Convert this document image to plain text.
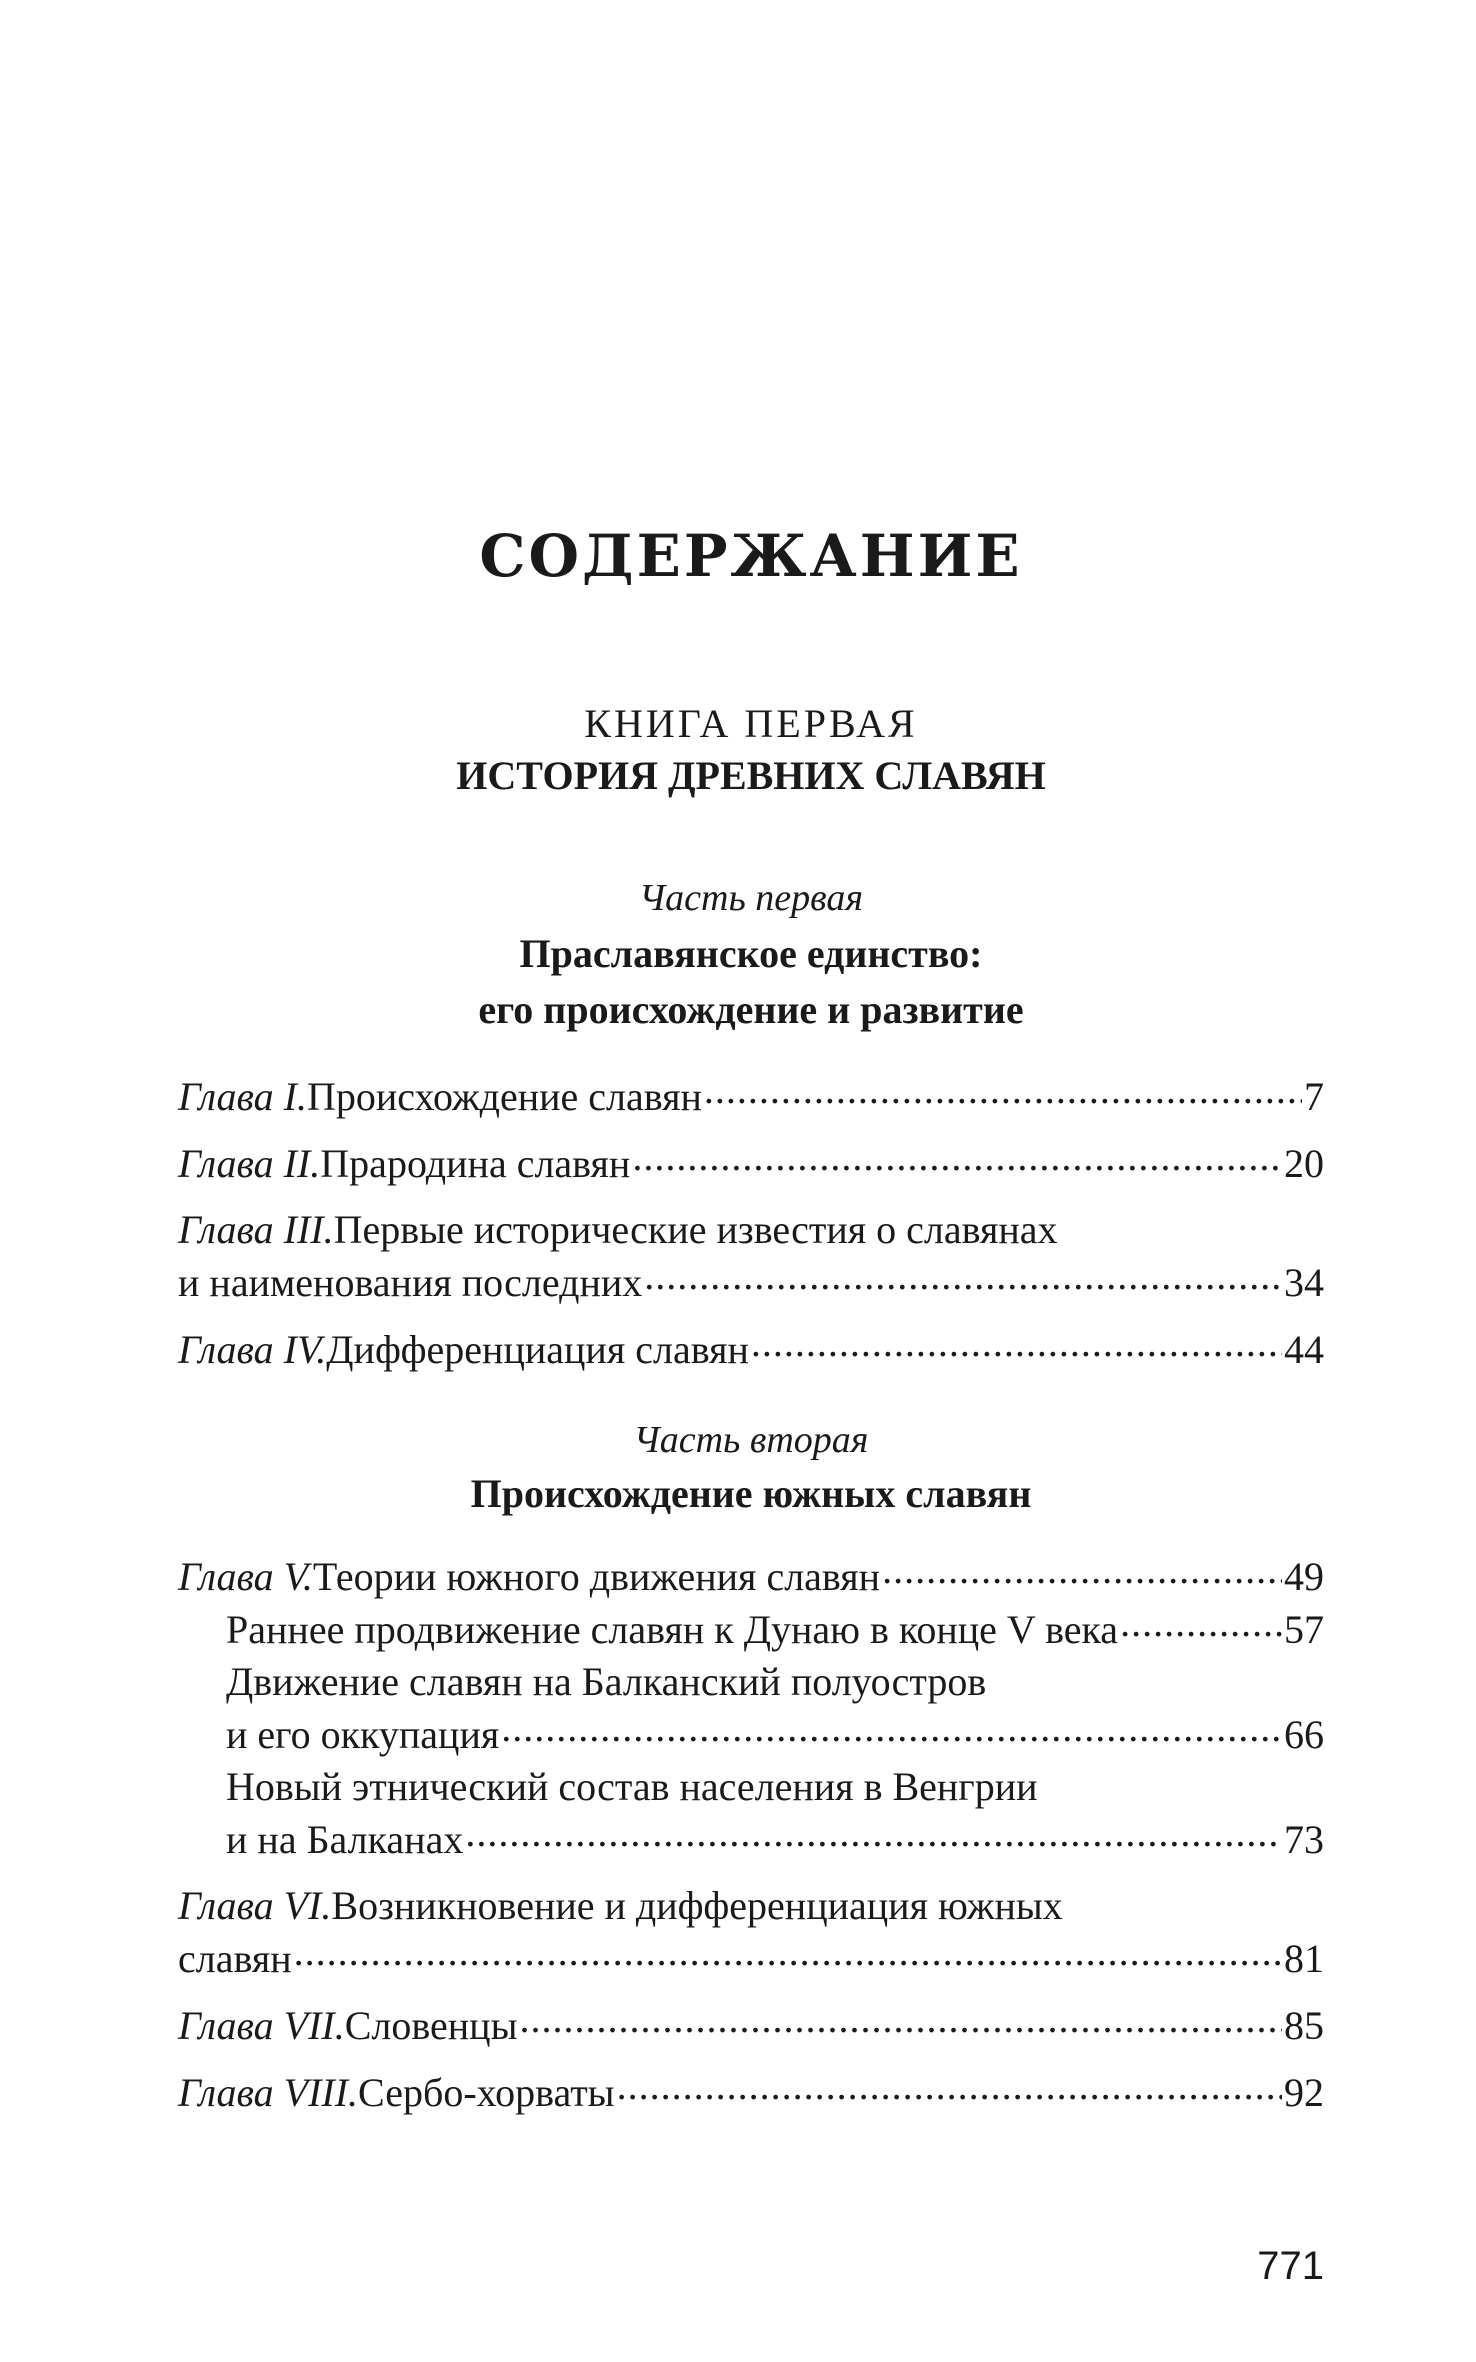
СОДЕРЖАНИЕ
КНИГА ПЕРВАЯ
ИСТОРИЯ ДРЕВНИХ СЛАВЯН
Часть первая
Праславянское единство:
его происхождение и развитие
Глава I. Происхождение славян .....	7
Глава II. Прародина славян .....	20
Глава III. Первые исторические известия о славянах
и наименования последних .....	34
Глава IV. Дифференциация славян .....	44
Часть вторая
Происхождение южных славян
Глава V. Теории южного движения славян .....	49
Раннее продвижение славян к Дунаю в конце V века .....	57
Движение славян на Балканский полуостров
и его оккупация .....	66
Новый этнический состав населения в Венгрии
и на Балканах .....	73
Глава VI. Возникновение и дифференциация южных
славян .....	81
Глава VII. Словенцы .....	85
Глава VIII. Сербо-хорваты .....	92
771
